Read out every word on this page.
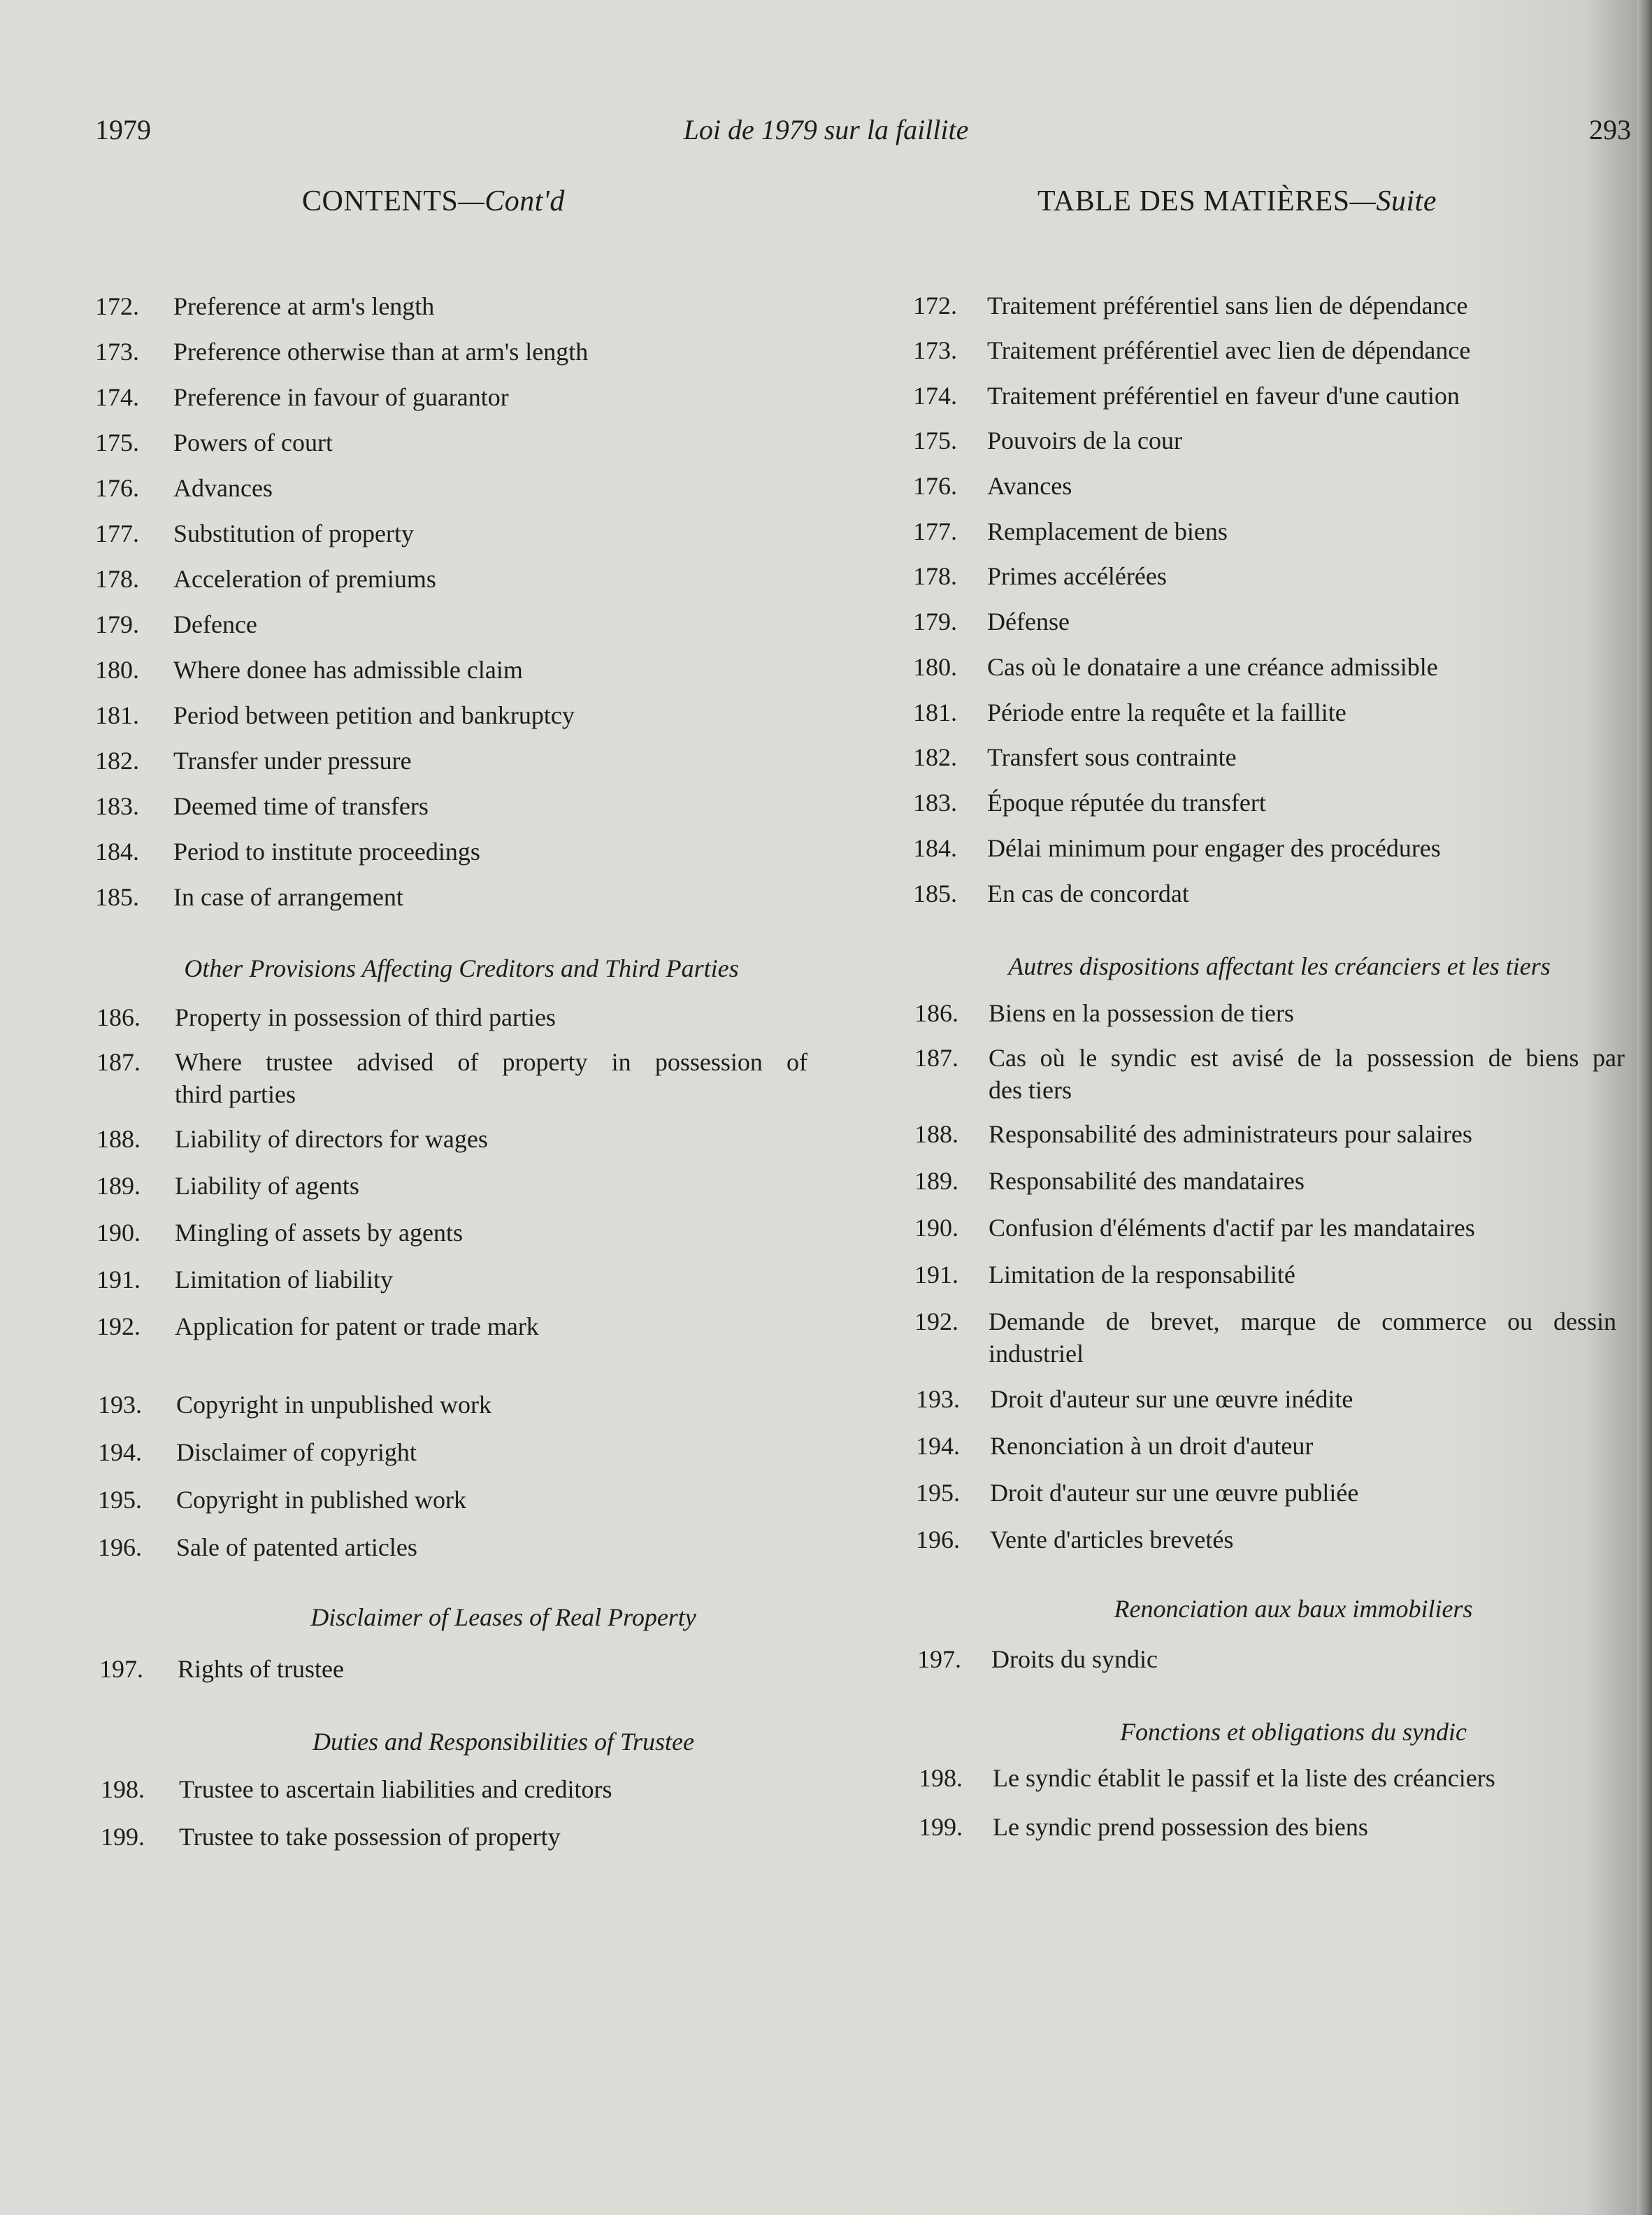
1979	Loi de 1979 sur la faillite	293
CONTENTS—Cont'd	TABLE DES MATIÈRES—Suite
172. Preference at arm's length
173. Preference otherwise than at arm's length
174. Preference in favour of guarantor
175. Powers of court
176. Advances
177. Substitution of property
178. Acceleration of premiums
179. Defence
180. Where donee has admissible claim
181. Period between petition and bankruptcy
182. Transfer under pressure
183. Deemed time of transfers
184. Period to institute proceedings
185. In case of arrangement
Other Provisions Affecting Creditors and Third Parties
186. Property in possession of third parties
187. Where trustee advised of property in possession of
third parties
188. Liability of directors for wages
189. Liability of agents
190. Mingling of assets by agents
191. Limitation of liability
192. Application for patent or trade mark
193. Copyright in unpublished work
194. Disclaimer of copyright
195. Copyright in published work
196. Sale of patented articles
Disclaimer of Leases of Real Property
197. Rights of trustee
Duties and Responsibilities of Trustee
198. Trustee to ascertain liabilities and creditors
199. Trustee to take possession of property
172. Traitement préférentiel sans lien de dépendance
173. Traitement préférentiel avec lien de dépendance
174. Traitement préférentiel en faveur d'une caution
175. Pouvoirs de la cour
176. Avances
177. Remplacement de biens
178. Primes accélérées
179. Défense
180. Cas où le donataire a une créance admissible
181. Période entre la requête et la faillite
182. Transfert sous contrainte
183. Époque réputée du transfert
184. Délai minimum pour engager des procédures
185. En cas de concordat
Autres dispositions affectant les créanciers et les tiers
186. Biens en la possession de tiers
187. Cas où le syndic est avisé de la possession de biens par
des tiers
188. Responsabilité des administrateurs pour salaires
189. Responsabilité des mandataires
190. Confusion d'éléments d'actif par les mandataires
191. Limitation de la responsabilité
192. Demande de brevet, marque de commerce ou dessin
industriel
193. Droit d'auteur sur une œuvre inédite
194. Renonciation à un droit d'auteur
195. Droit d'auteur sur une œuvre publiée
196. Vente d'articles brevetés
Renonciation aux baux immobiliers
197. Droits du syndic
Fonctions et obligations du syndic
198. Le syndic établit le passif et la liste des créanciers
199. Le syndic prend possession des biens
